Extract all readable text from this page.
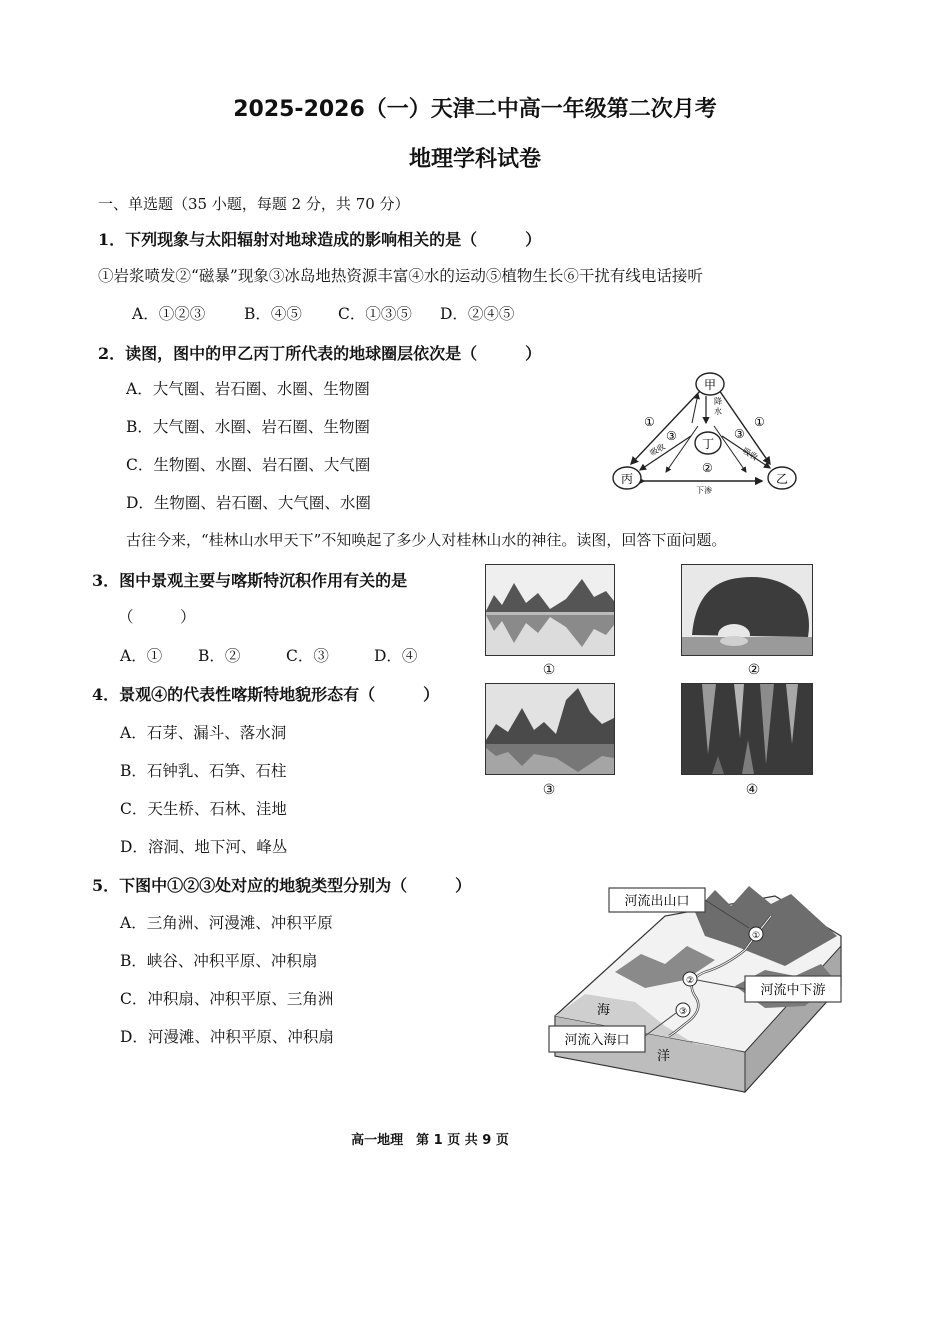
2025-2026（一）天津二中高一年级第二次月考
地理学科试卷

一、单选题（35 小题，每题 2 分，共 70 分）

1．下列现象与太阳辐射对地球造成的影响相关的是（　　　）

①岩浆喷发②“磁暴”现象③冰岛地热资源丰富④水的运动⑤植物生长⑥干扰有线电话接听

A．①②③	B．④⑤ C．①③⑤ D．②④⑤

2．读图，图中的甲乙丙丁所代表的地球圈层依次是（　　　）

A．大气圈、岩石圈、水圈、生物圈
B．大气圈、水圈、岩石圈、生物圈
C．生物圈、水圈、岩石圈、大气圈
D．生物圈、岩石圈、大气圈、水圈
甲
乙
丙
丁
降
水
吸收	吸收
下渗
①
③
②
③
①

古往今来，“桂林山水甲天下”不知唤起了多少人对桂林山水的神往。读图，回答下面问题。

3．图中景观主要与喀斯特沉积作用有关的是

（　　　）

A．① B．②	C．③	D．④
①	②
③	④

4．景观④的代表性喀斯特地貌形态有（　　　）

A．石芽、漏斗、落水洞
B．石钟乳、石笋、石柱
C．天生桥、石林、洼地
D．溶洞、地下河、峰丛

5．下图中①②③处对应的地貌类型分别为（　　　）

A．三角洲、河漫滩、冲积平原
B．峡谷、冲积平原、冲积扇
C．冲积扇、冲积平原、三角洲
D．河漫滩、冲积平原、冲积扇
①
②
③
河流出山口
河流中下游
河流入海口
海
洋

高一地理　第 1 页 共 9 页
